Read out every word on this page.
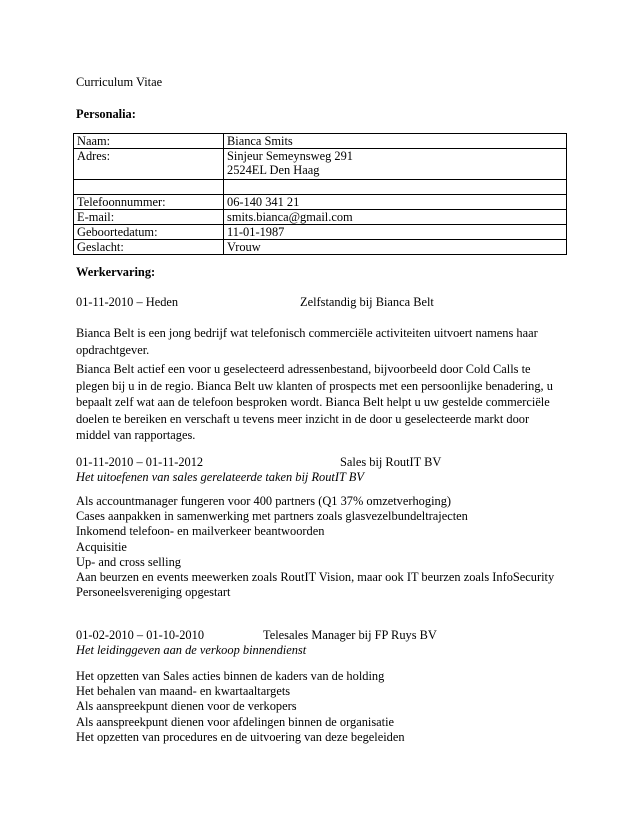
Curriculum Vitae
Personalia:
Naam:	Bianca Smits
Adres:	Sinjeur Semeynsweg 291
2524EL Den Haag

Telefoonnummer:	06-140 341 21
E-mail:	smits.bianca@gmail.com
Geboortedatum:	11-01-1987
Geslacht:	Vrouw
Werkervaring:
01-11-2010 – Heden	Zelfstandig bij Bianca Belt
Bianca Belt is een jong bedrijf wat telefonisch commerciële activiteiten uitvoert namens haar
opdrachtgever.
Bianca Belt actief een voor u geselecteerd adressenbestand, bijvoorbeeld door Cold Calls te
plegen bij u in de regio. Bianca Belt uw klanten of prospects met een persoonlijke benadering, u
bepaalt zelf wat aan de telefoon besproken wordt. Bianca Belt helpt u uw gestelde commerciële
doelen te bereiken en verschaft u tevens meer inzicht in de door u geselecteerde markt door
middel van rapportages.
01-11-2010 – 01-11-2012	Sales bij RoutIT BV
Het uitoefenen van sales gerelateerde taken bij RoutIT BV
Als accountmanager fungeren voor 400 partners (Q1 37% omzetverhoging)
Cases aanpakken in samenwerking met partners zoals glasvezelbundeltrajecten
Inkomend telefoon- en mailverkeer beantwoorden
Acquisitie
Up- and cross selling
Aan beurzen en events meewerken zoals RoutIT Vision, maar ook IT beurzen zoals InfoSecurity
Personeelsvereniging opgestart
01-02-2010 – 01-10-2010	Telesales Manager bij FP Ruys BV
Het leidinggeven aan de verkoop binnendienst
Het opzetten van Sales acties binnen de kaders van de holding
Het behalen van maand- en kwartaaltargets
Als aanspreekpunt dienen voor de verkopers
Als aanspreekpunt dienen voor afdelingen binnen de organisatie
Het opzetten van procedures en de uitvoering van deze begeleiden
